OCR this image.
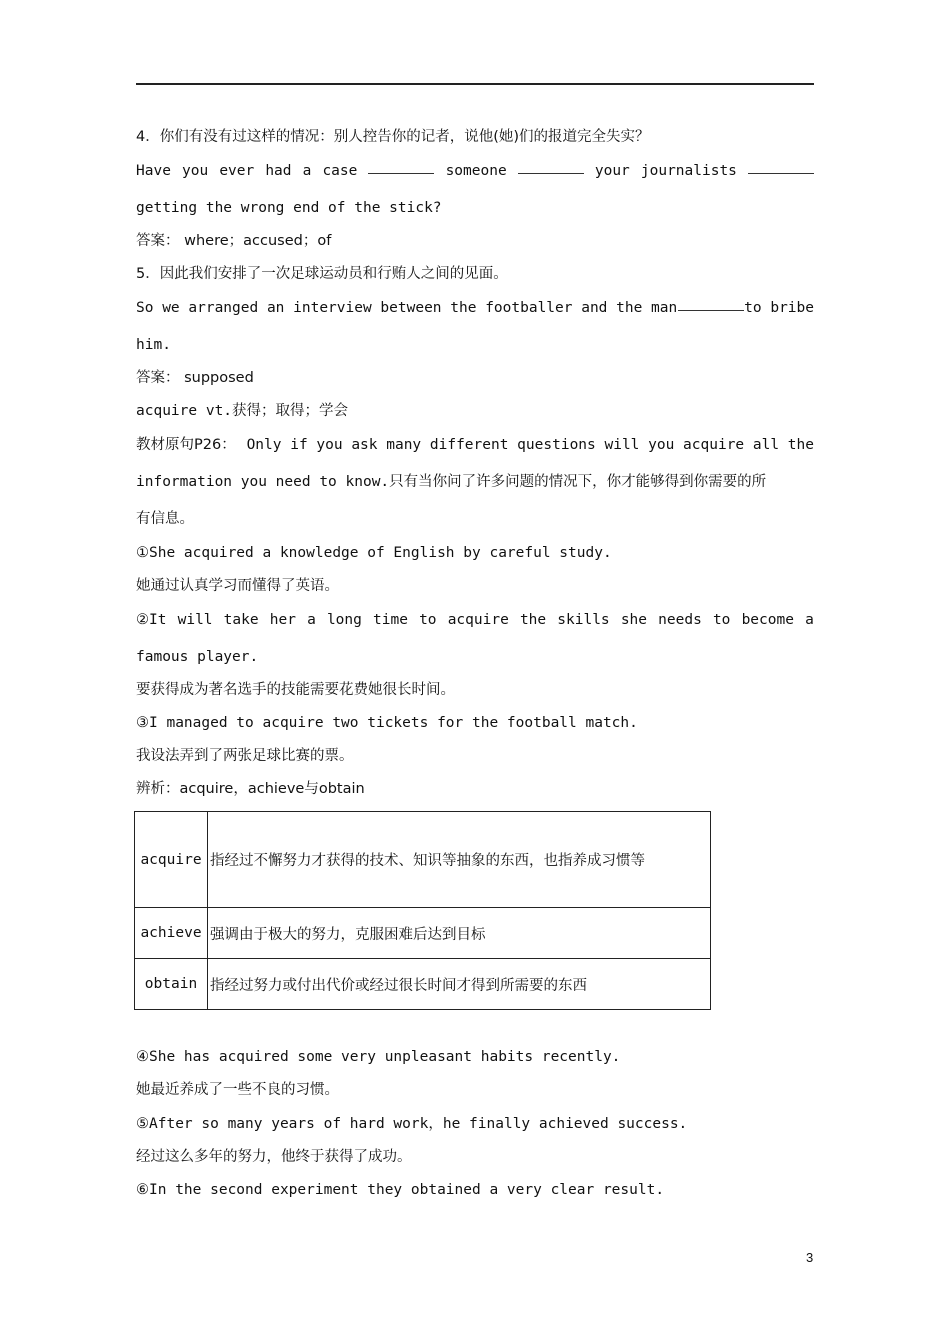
4．你们有没有过这样的情况：别人控告你的记者，说他(她)们的报道完全失实？
Have you ever had a case	someone	your journalists
getting the wrong end of the stick?
答案： where；accused；of
5．因此我们安排了一次足球运动员和行贿人之间的见面。
So we arranged an interview between the footballer and the man	to bribe
him.
答案： supposed
acquire vt.获得；取得；学会
教材原句P26： Only if you ask many different questions will you acquire all the
information you need to know.只有当你问了许多问题的情况下，你才能够得到你需要的所
有信息。
①She acquired a knowledge of English by careful study.
她通过认真学习而懂得了英语。
②It will take her a long time to acquire the skills she needs to become a
famous player.
要获得成为著名选手的技能需要花费她很长时间。
③I managed to acquire two tickets for the football match.
我设法弄到了两张足球比赛的票。
辨析：acquire，achieve与obtain
acquire	指经过不懈努力才获得的技术、知识等抽象的东西，也指养成习惯等
achieve	强调由于极大的努力，克服困难后达到目标
obtain	指经过努力或付出代价或经过很长时间才得到所需要的东西
④She has acquired some very unpleasant habits recently.
她最近养成了一些不良的习惯。
⑤After so many years of hard work，he finally achieved success.
经过这么多年的努力，他终于获得了成功。
⑥In the second experiment they obtained a very clear result.
3
